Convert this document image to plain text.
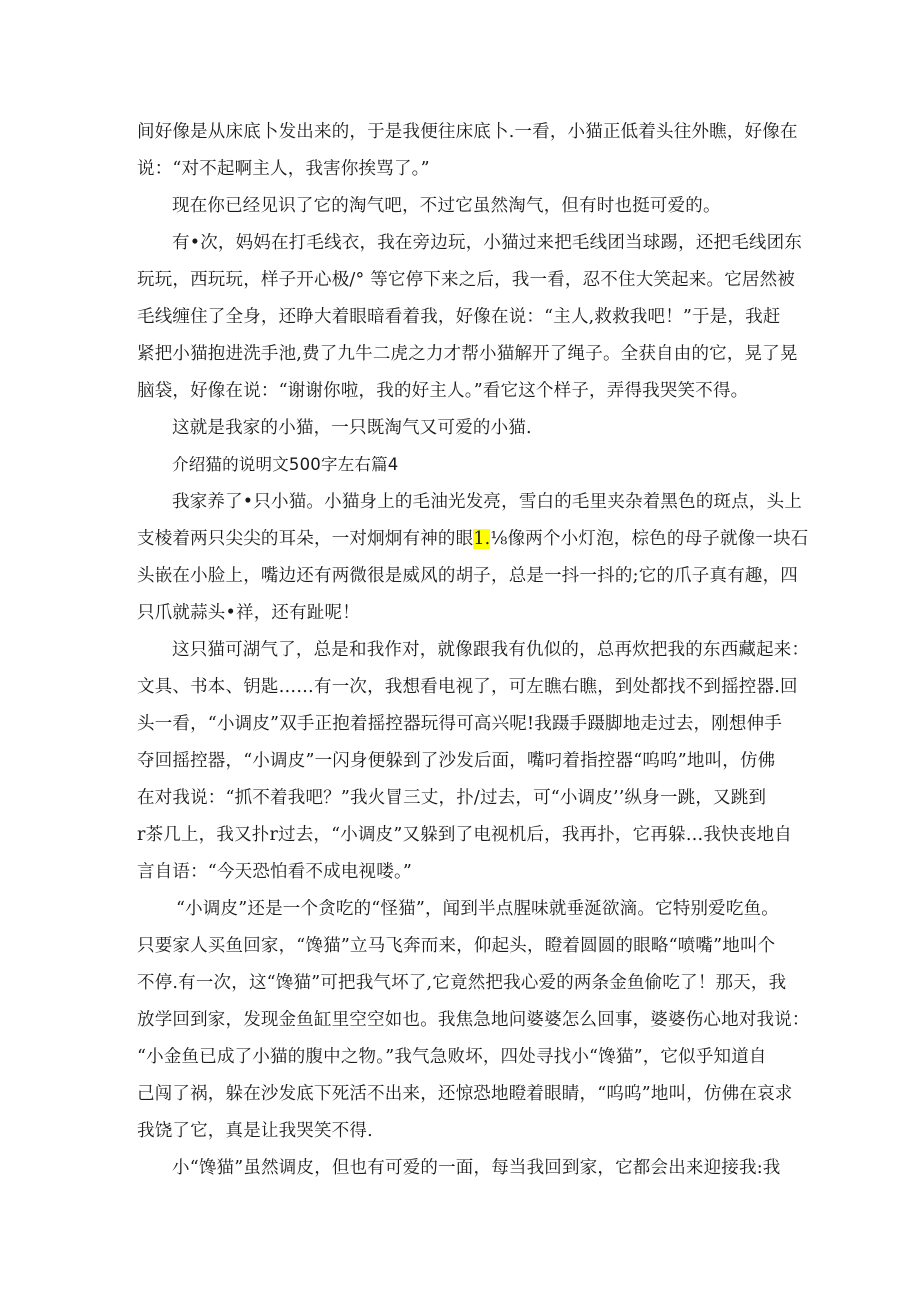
间好像是从床底卜发出来的，于是我便往床底卜.一看，小猫正低着头往外瞧，好像在
说：“对不起啊主人，我害你挨骂了。”
现在你已经见识了它的淘气吧，不过它虽然淘气，但有时也挺可爱的。
有•次，妈妈在打毛线衣，我在旁边玩，小猫过来把毛线团当球踢，还把毛线团东
玩玩，西玩玩，样子开心极/° 等它停下来之后，我一看，忍不住大笑起来。它居然被
毛线缠住了全身，还睁大着眼暗看着我，好像在说：“主人,救救我吧！”于是，我赶
紧把小猫抱进洗手池,费了九牛二虎之力才帮小猫解开了绳子。全获自由的它，晃了晃
脑袋，好像在说：“谢谢你啦，我的好主人。”看它这个样子，弄得我哭笑不得。
这就是我家的小猫，一只既淘气又可爱的小猫.
介绍猫的说明文500字左右篇4
我家养了•只小猫。小猫身上的毛油光发亮，雪白的毛里夹杂着黑色的斑点，头上
支棱着两只尖尖的耳朵，一对炯炯有神的眼1.⅛像两个小灯泡，棕色的母子就像一块石
头嵌在小脸上，嘴边还有两微很是威风的胡子，总是一抖一抖的;它的爪子真有趣，四
只爪就蒜头•祥，还有趾呢！
这只猫可湖气了，总是和我作对，就像跟我有仇似的，总再炊把我的东西藏起来：
文具、书本、钥匙……有一次，我想看电视了，可左瞧右瞧，到处都找不到摇控器.回
头一看，“小调皮”双手正抱着摇控器玩得可高兴呢!我蹑手蹑脚地走过去，刚想伸手
夺回摇控器，“小调皮”一闪身便躲到了沙发后面，嘴叼着指控器“呜呜”地叫，仿佛
在对我说：“抓不着我吧？”我火冒三丈，扑/过去，可“小调皮’’纵身一跳，又跳到
r茶几上，我又扑r过去，“小调皮”又躲到了电视机后，我再扑，它再躲…我快丧地自
言自语：“今天恐怕看不成电视喽。”
“小调皮”还是一个贪吃的“怪猫”，闻到半点腥味就垂涎欲滴。它特别爱吃鱼。
只要家人买鱼回家，“馋猫”立马飞奔而来，仰起头，瞪着圆圆的眼略“喷嘴”地叫个
不停.有一次，这“馋猫”可把我气坏了,它竟然把我心爱的两条金鱼偷吃了！那天，我
放学回到家，发现金鱼缸里空空如也。我焦急地问婆婆怎么回事，婆婆伤心地对我说：
“小金鱼已成了小猫的腹中之物。”我气急败坏，四处寻找小“馋猫”，它似乎知道自
己闯了祸，躲在沙发底下死活不出来，还惊恐地瞪着眼睛，“呜呜”地叫，仿佛在哀求
我饶了它，真是让我哭笑不得.
小“馋猫”虽然调皮，但也有可爱的一面，每当我回到家，它都会出来迎接我:我
